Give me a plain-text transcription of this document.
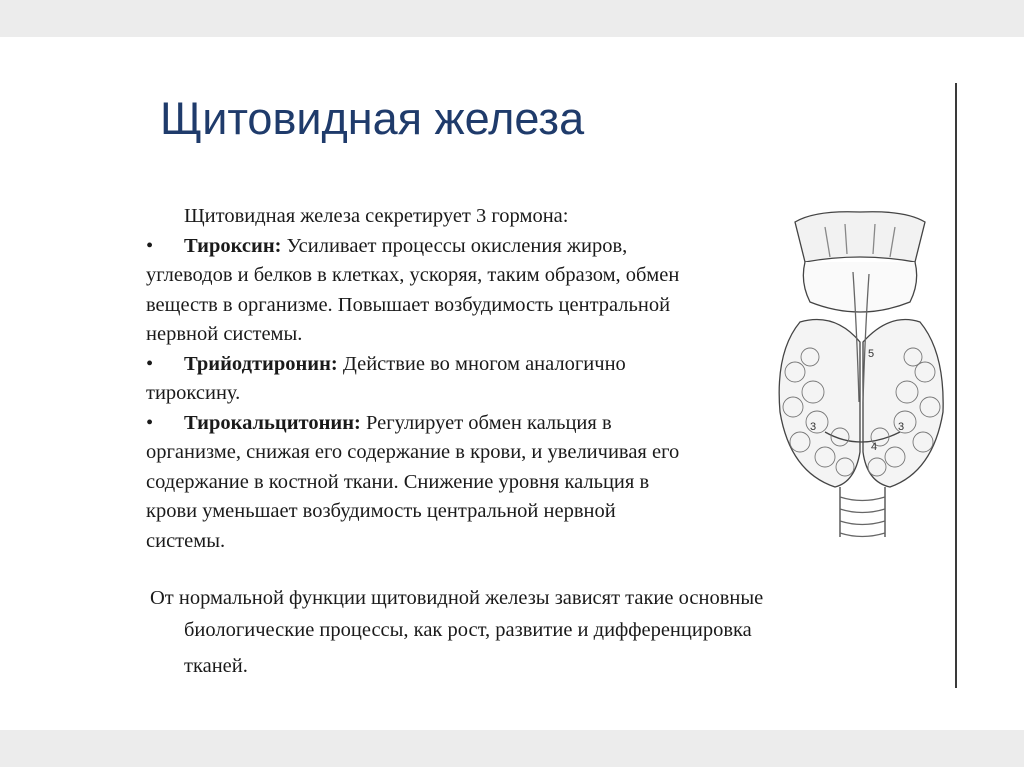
Щитовидная железа
Щитовидная железа секретирует 3 гормона:
• Тироксин: Усиливает процессы окисления жиров,
углеводов и белков в клетках, ускоряя, таким образом, обмен
веществ в организме. Повышает возбудимость центральной
нервной системы.
• Трийодтиронин: Действие во многом аналогично
тироксину.
• Тирокальцитонин: Регулирует обмен кальция в
организме, снижая его содержание в крови, и увеличивая его
содержание в костной ткани. Снижение уровня кальция в
крови уменьшает возбудимость центральной нервной
системы.
От нормальной функции щитовидной железы зависят такие основные
биологические процессы, как рост, развитие и дифференцировка
тканей.
5
3	3
4
